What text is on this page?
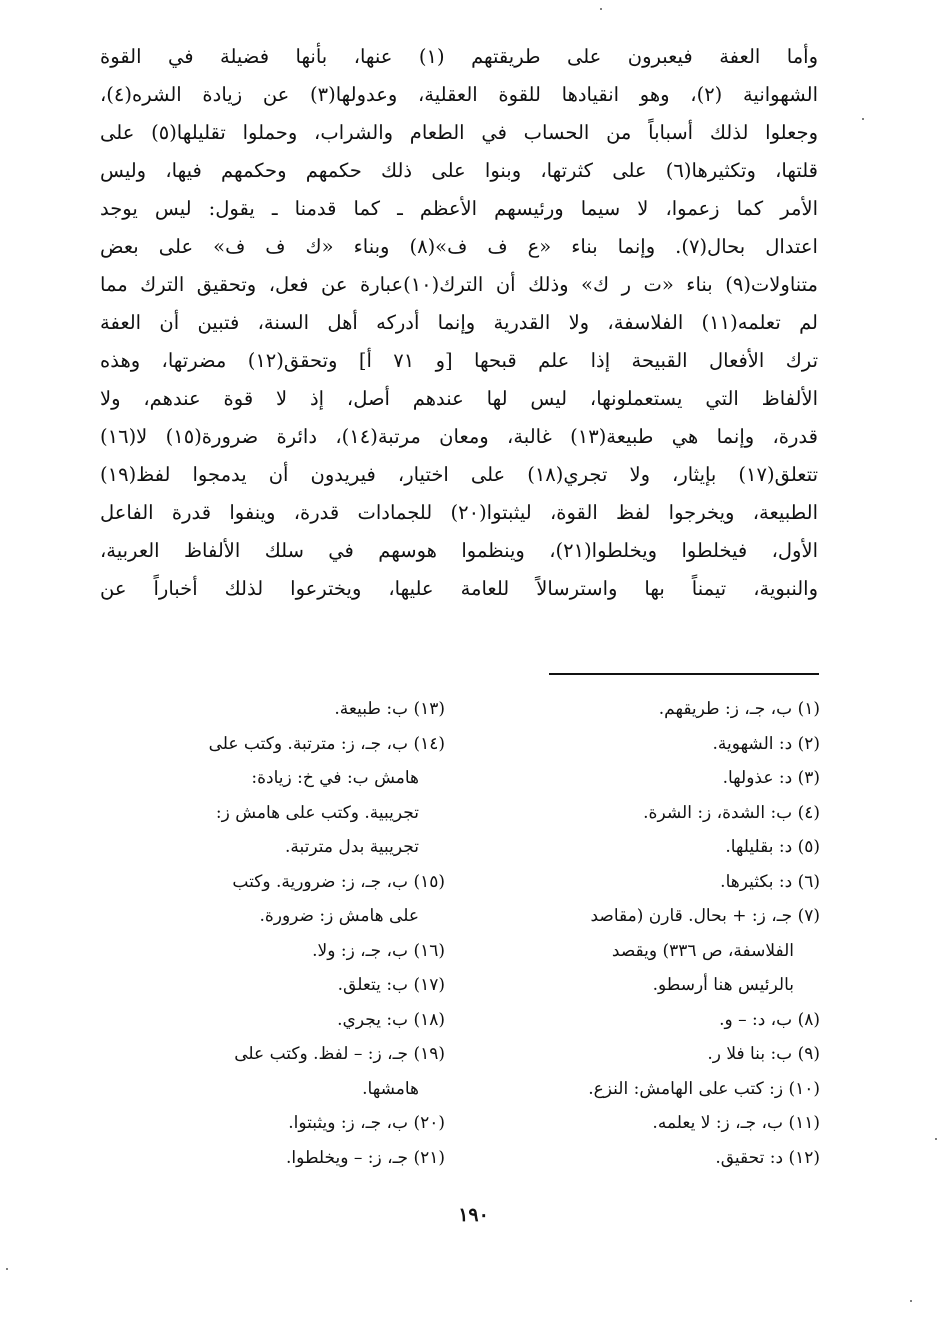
وأما العفة فيعبرون على طريقتهم (١) عنها، بأنها فضيلة في القوة
الشهوانية (٢)، وهو انقيادها للقوة العقلية، وعدولها(٣) عن زيادة الشره(٤)،
وجعلوا لذلك أسباباً من الحساب في الطعام والشراب، وحملوا تقليلها(٥) على
قلتها، وتكثيرها(٦) على كثرتها، وبنوا على ذلك حكمهم وحكمهم فيها، وليس
الأمر كما زعموا، لا سيما ورئيسهم الأعظم ـ كما قدمنا ـ يقول: ليس يوجد
اعتدال بحال(٧). وإنما بناء «ع ف ف»(٨) وبناء «ك ف ف» على بعض
متناولات(٩) بناء «ت ر ك» وذلك أن الترك(١٠)عبارة عن فعل، وتحقيق الترك مما
لم تعلمه(١١) الفلاسفة، ولا القدرية وإنما أدركه أهل السنة، فتبين أن العفة
ترك الأفعال القبيحة إذا علم قبحها [و ٧١ أ] وتحقق(١٢) مضرتها، وهذه
الألفاظ التي يستعملونها، ليس لها عندهم أصل، إذ لا قوة عندهم، ولا
قدرة، وإنما هي طبيعة(١٣) غالبة، ومعان مرتبة(١٤)، دائرة ضرورة(١٥) لا(١٦)
تتعلق(١٧) بإيثار، ولا تجري(١٨) على اختيار، فيريدون أن يدمجوا لفظ(١٩)
الطبيعة، ويخرجوا لفظ القوة، ليثبتوا(٢٠) للجمادات قدرة، وينفوا قدرة الفاعل
الأول، فيخلطوا ويخلطوا(٢١)، وينظموا هوسهم في سلك الألفاظ العربية،
والنبوية، تيمناً بها واسترسالاً للعامة عليها، ويخترعوا لذلك أخباراً عن
(١) ب، جـ، ز: طريقهم.
(٢) د: الشهوية.
(٣) د: عذولها.
(٤) ب: الشدة، ز: الشرة.
(٥) د: بقليلها.
(٦) د: بكثيرها.
(٧) جـ، ز: + بحال. قارن (مقاصد
الفلاسفة، ص ٣٣٦) ويقصد
بالرئيس هنا أرسطو.
(٨) ب، د: – و.
(٩) ب: بنا فلا ر.
(١٠) ز: كتب على الهامش: النزع.
(١١) ب، جـ، ز: لا يعلمه.
(١٢) د: تحقيق.
(١٣) ب: طبيعة.
(١٤) ب، جـ، ز: مترتبة. وكتب على
هامش ب: في خ: زيادة:
تجريبية. وكتب على هامش ز:
تجريبية بدل مترتبة.
(١٥) ب، جـ، ز: ضرورية. وكتب
على هامش ز: ضرورة.
(١٦) ب، جـ، ز: ولا.
(١٧) ب: يتعلق.
(١٨) ب: يجري.
(١٩) جـ، ز: – لفظ. وكتب على
هامشها.
(٢٠) ب، جـ، ز: ويثبتوا.
(٢١) جـ، ز: – ويخلطوا.
١٩٠
